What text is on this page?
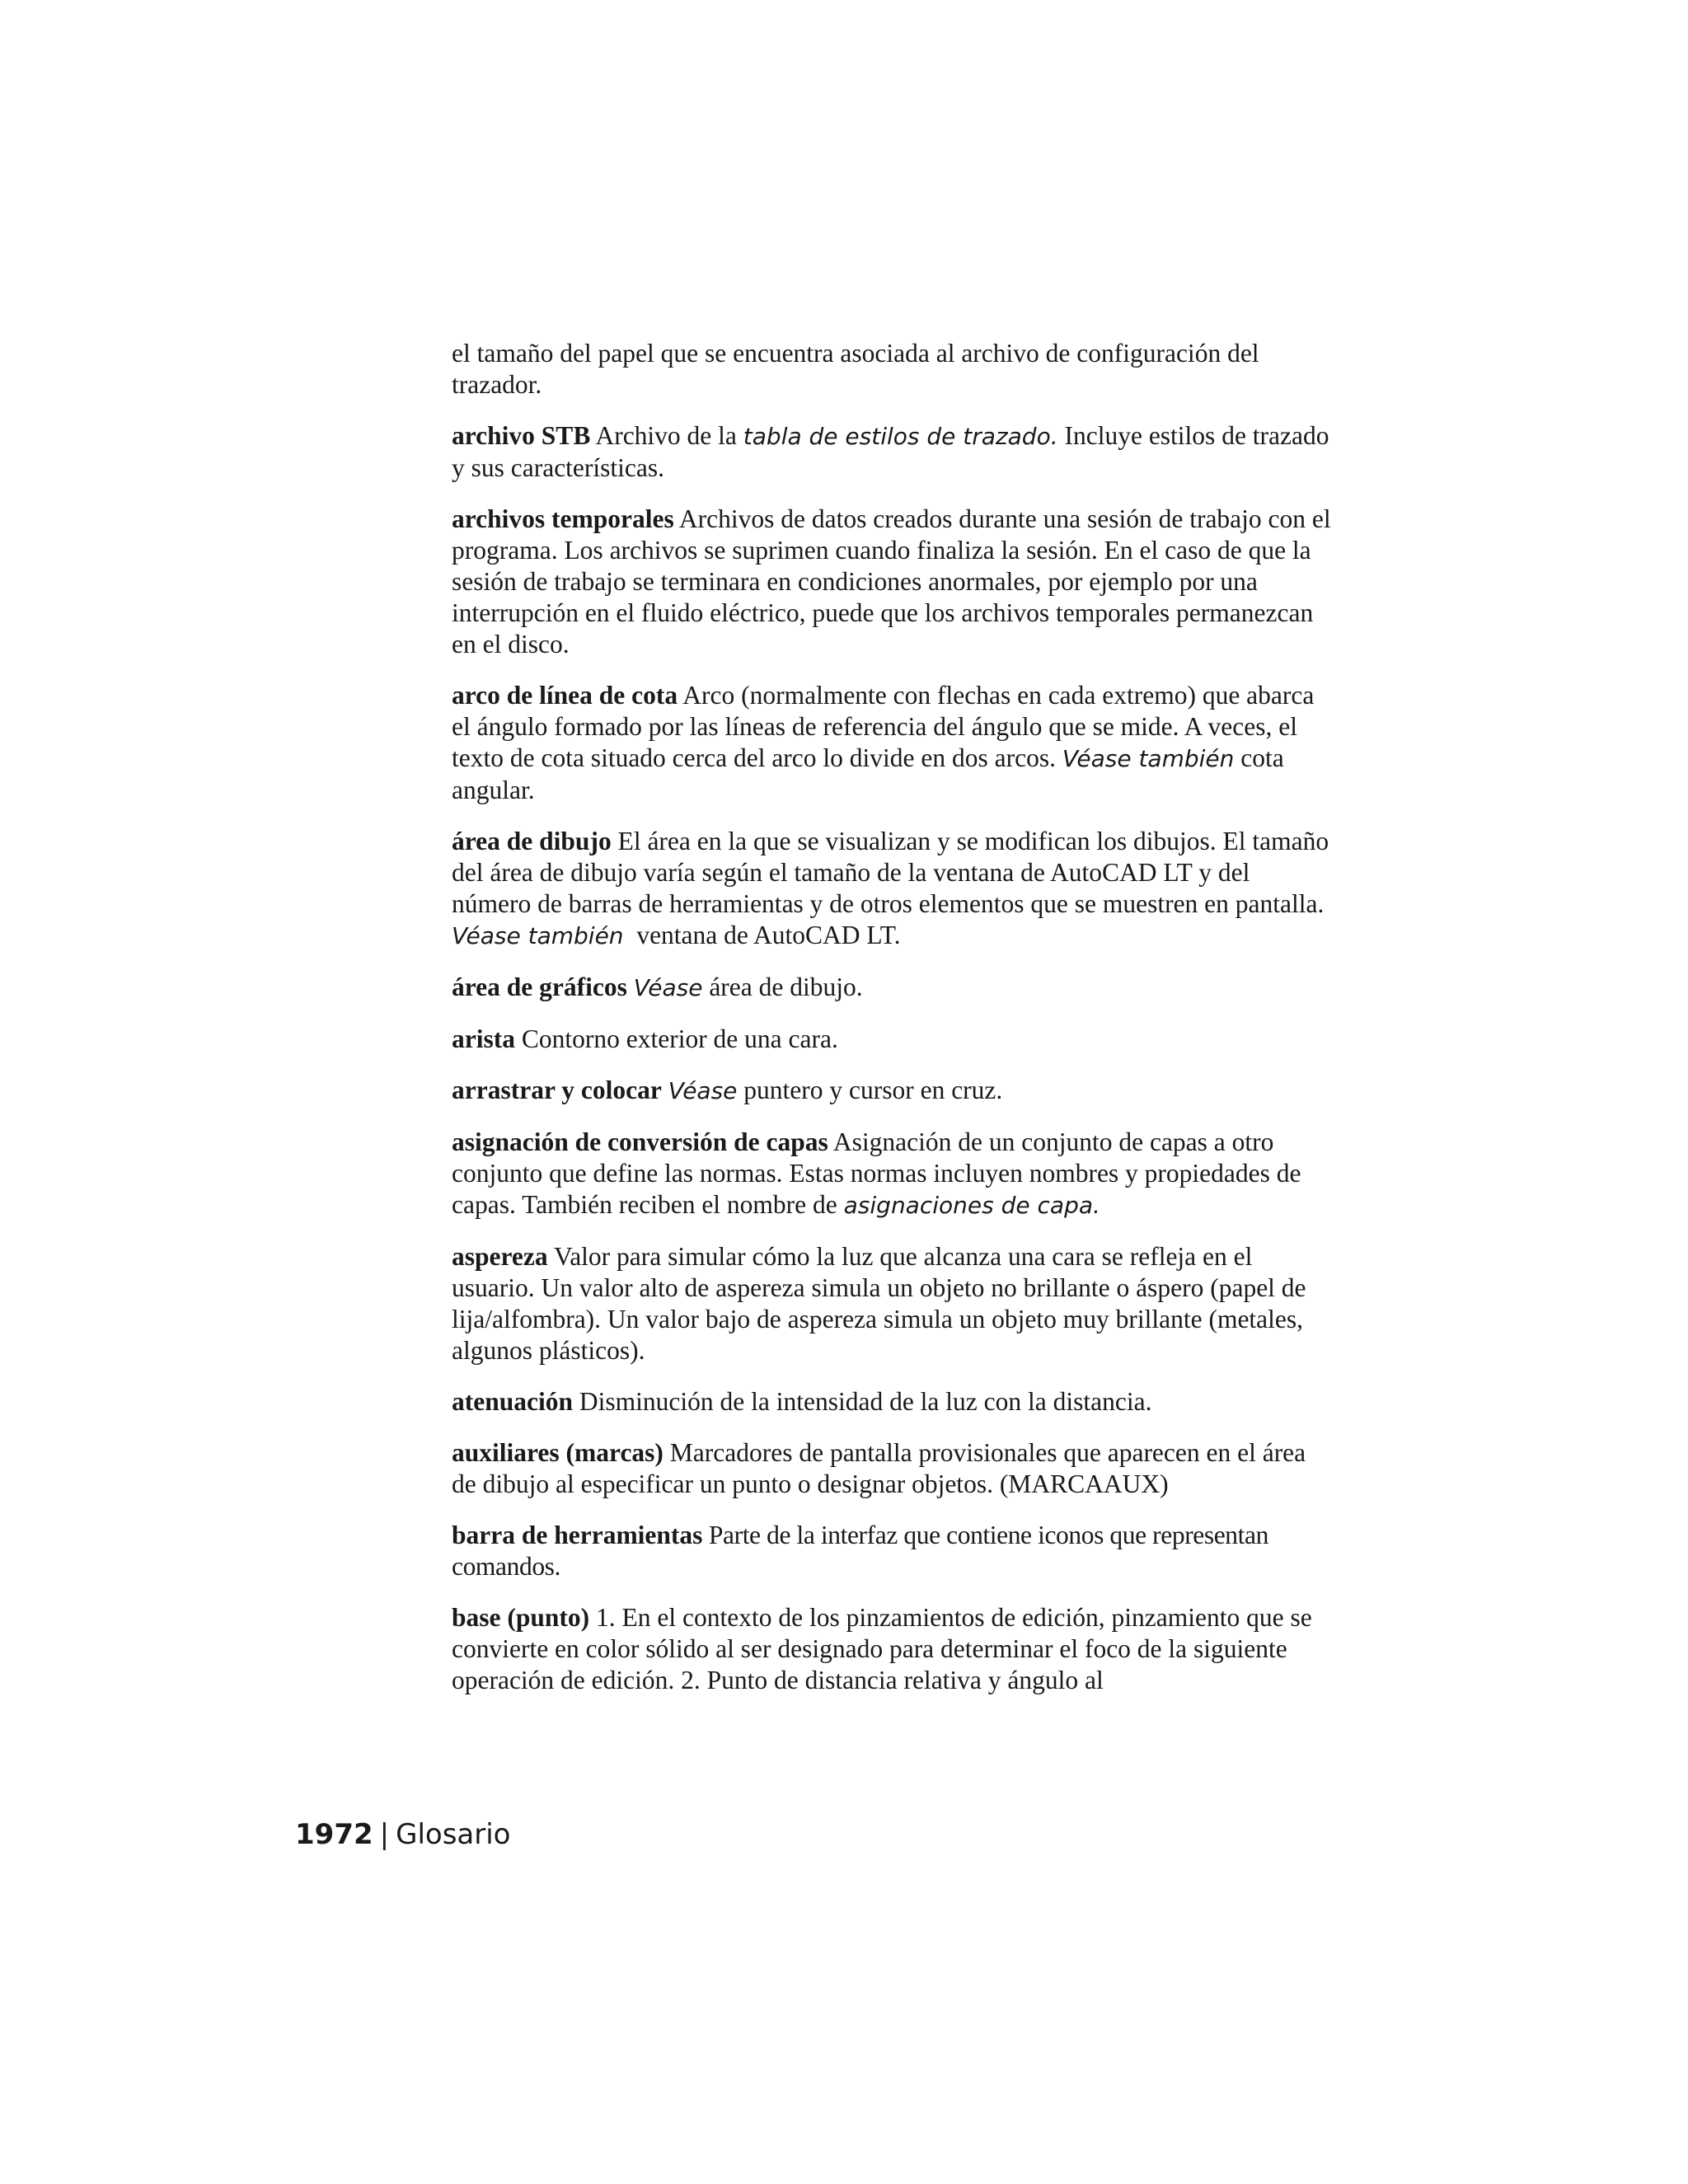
el tamaño del papel que se encuentra asociada al archivo de configuración del trazador.

archivo STB Archivo de la tabla de estilos de trazado. Incluye estilos de trazado y sus características.

archivos temporales Archivos de datos creados durante una sesión de trabajo con el programa. Los archivos se suprimen cuando finaliza la sesión. En el caso de que la sesión de trabajo se terminara en condiciones anormales, por ejemplo por una interrupción en el fluido eléctrico, puede que los archivos temporales permanezcan en el disco.

arco de línea de cota Arco (normalmente con flechas en cada extremo) que abarca el ángulo formado por las líneas de referencia del ángulo que se mide. A veces, el texto de cota situado cerca del arco lo divide en dos arcos. Véase también cota angular.

área de dibujo El área en la que se visualizan y se modifican los dibujos. El tamaño del área de dibujo varía según el tamaño de la ventana de AutoCAD LT y del número de barras de herramientas y de otros elementos que se muestren en pantalla. Véase también  ventana de AutoCAD LT.

área de gráficos Véase área de dibujo.

arista Contorno exterior de una cara.

arrastrar y colocar Véase puntero y cursor en cruz.

asignación de conversión de capas Asignación de un conjunto de capas a otro conjunto que define las normas. Estas normas incluyen nombres y propiedades de capas. También reciben el nombre de asignaciones de capa.

aspereza Valor para simular cómo la luz que alcanza una cara se refleja en el usuario. Un valor alto de aspereza simula un objeto no brillante o áspero (papel de lija/alfombra). Un valor bajo de aspereza simula un objeto muy brillante (metales, algunos plásticos).

atenuación Disminución de la intensidad de la luz con la distancia.

auxiliares (marcas) Marcadores de pantalla provisionales que aparecen en el área de dibujo al especificar un punto o designar objetos. (MARCAAUX)

barra de herramientas Parte de la interfaz que contiene iconos que representan comandos.

base (punto) 1. En el contexto de los pinzamientos de edición, pinzamiento que se convierte en color sólido al ser designado para determinar el foco de la siguiente operación de edición. 2. Punto de distancia relativa y ángulo al

1972 | Glosario
